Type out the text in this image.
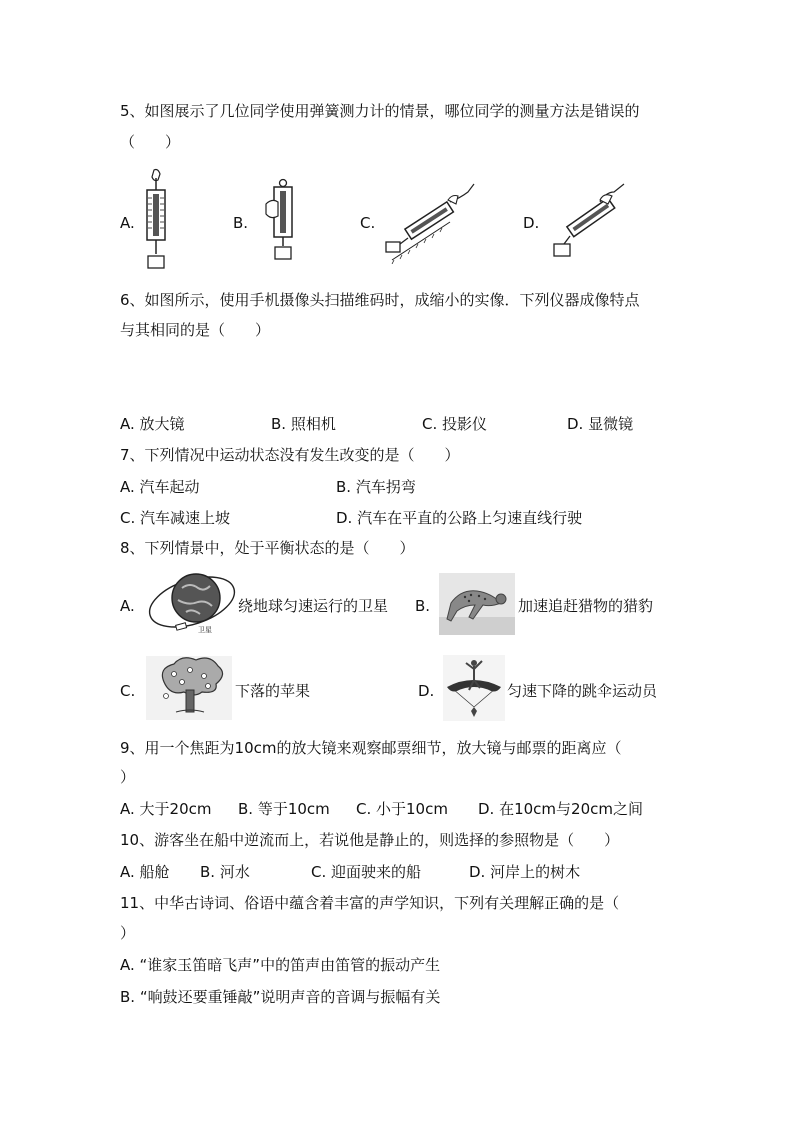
5、如图展示了几位同学使用弹簧测力计的情景，哪位同学的测量方法是错误的
（　　）
A.	B.	C.	D.
6、如图所示，使用手机摄像头扫描维码时，成缩小的实像．下列仪器成像特点
与其相同的是（　　）
A. 放大镜	B. 照相机	C. 投影仪	D. 显微镜
7、下列情况中运动状态没有发生改变的是（　　）
A. 汽车起动	B. 汽车拐弯
C. 汽车减速上坡	D. 汽车在平直的公路上匀速直线行驶
8、下列情景中，处于平衡状态的是（　　）
A.
卫星
绕地球匀速运行的卫星 B.	加速追赶猎物的猎豹
C.	下落的苹果	D.	匀速下降的跳伞运动员
9、用一个焦距为10cm的放大镜来观察邮票细节，放大镜与邮票的距离应（
）
A. 大于20cm B. 等于10cm C. 小于10cm D. 在10cm与20cm之间
10、游客坐在船中逆流而上，若说他是静止的，则选择的参照物是（　　）
A. 船舱 B. 河水	C. 迎面驶来的船	D. 河岸上的树木
11、中华古诗词、俗语中蕴含着丰富的声学知识，下列有关理解正确的是（
）
A. “谁家玉笛暗飞声”中的笛声由笛管的振动产生
B. “响鼓还要重锤敲”说明声音的音调与振幅有关
